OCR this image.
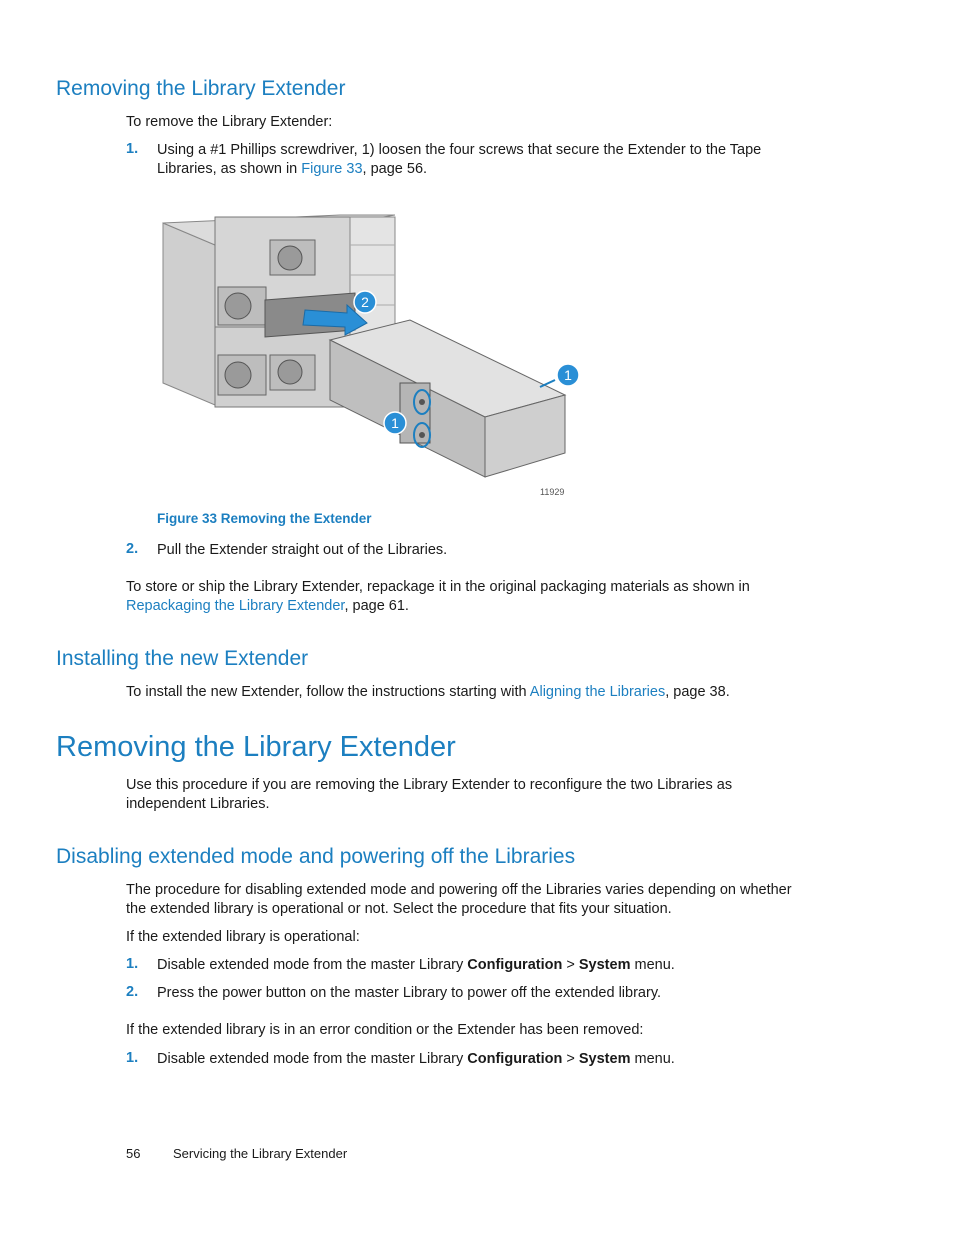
Removing the Library Extender

To remove the Library Extender:

1. Using a #1 Phillips screwdriver, 1) loosen the four screws that secure the Extender to the Tape Libraries, as shown in Figure 33, page 56.

2
1
1
11929
Figure 33 Removing the Extender
2. Pull the Extender straight out of the Libraries.

To store or ship the Library Extender, repackage it in the original packaging materials as shown in Repackaging the Library Extender, page 61.

Installing the new Extender

To install the new Extender, follow the instructions starting with Aligning the Libraries, page 38.

Removing the Library Extender

Use this procedure if you are removing the Library Extender to reconfigure the two Libraries as independent Libraries.

Disabling extended mode and powering off the Libraries

The procedure for disabling extended mode and powering off the Libraries varies depending on whether the extended library is operational or not. Select the procedure that fits your situation.

If the extended library is operational:

1. Disable extended mode from the master Library Configuration > System menu.

2. Press the power button on the master Library to power off the extended library.

If the extended library is in an error condition or the Extender has been removed:

1. Disable extended mode from the master Library Configuration > System menu.

56	Servicing the Library Extender
